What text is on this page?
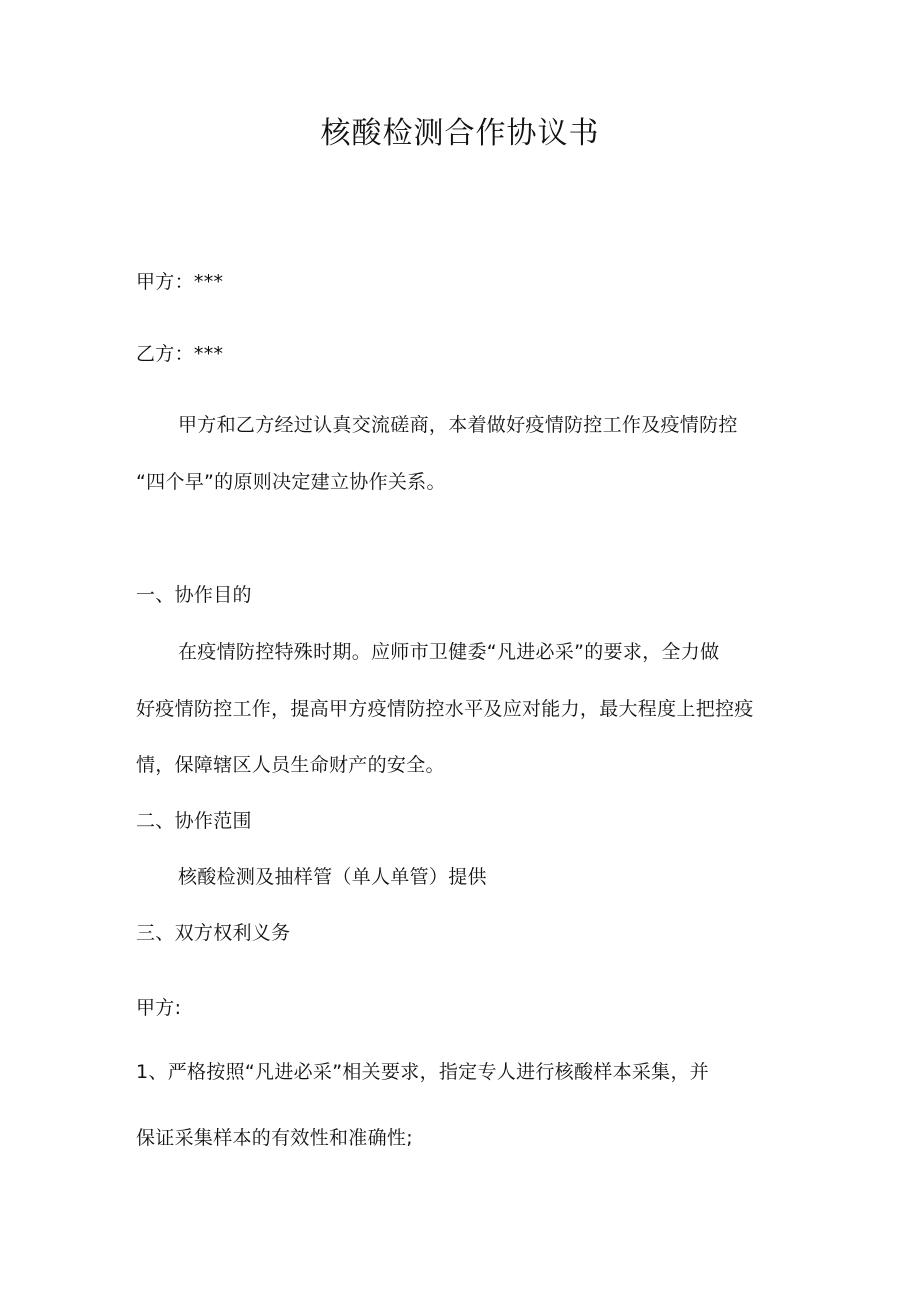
核酸检测合作协议书
甲方：***
乙方：***
甲方和乙方经过认真交流磋商，本着做好疫情防控工作及疫情防控
“四个早”的原则决定建立协作关系。
一、协作目的
在疫情防控特殊时期。应师市卫健委“凡进必采”的要求，全力做
好疫情防控工作，提高甲方疫情防控水平及应对能力，最大程度上把控疫
情，保障辖区人员生命财产的安全。
二、协作范围
核酸检测及抽样管（单人单管）提供
三、双方权利义务
甲方:
1、严格按照“凡进必采”相关要求，指定专人进行核酸样本采集，并
保证采集样本的有效性和准确性;
